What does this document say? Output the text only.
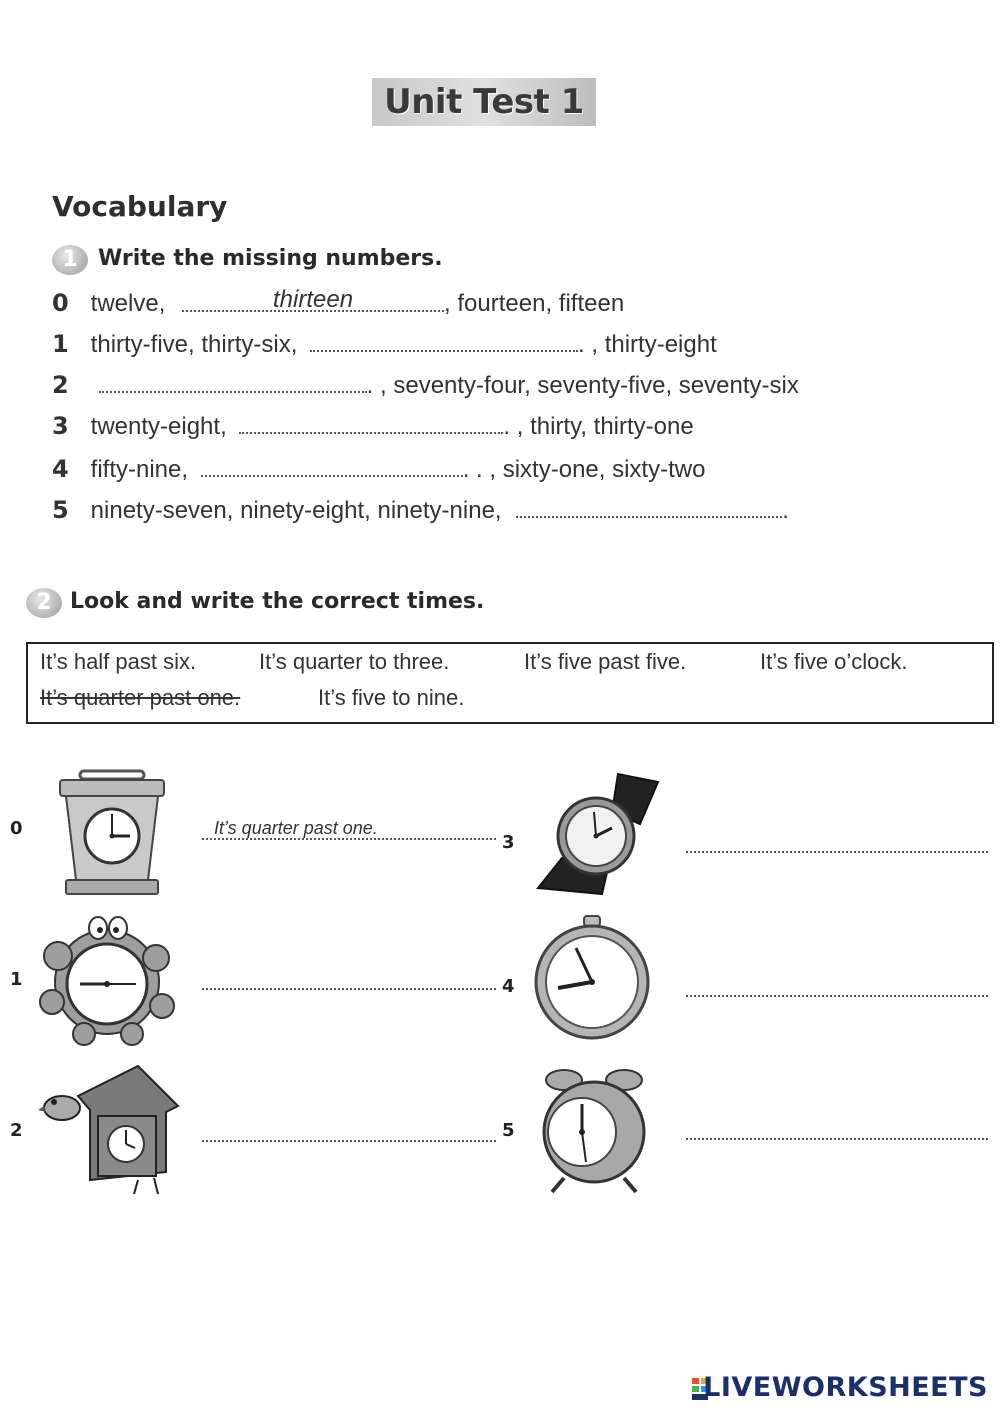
Unit Test 1
Vocabulary
1 Write the missing numbers.
0 twelve,	thirteen	, fourteen, fifteen
1 thirty-five, thirty-six,	. , thirty-eight
2	. , seventy-four, seventy-five, seventy-six
3 twenty-eight,	. , thirty, thirty-one
4 fifty-nine,	. . , sixty-one, sixty-two
5 ninety-seven, ninety-eight, ninety-nine,	.
2 Look and write the correct times.
It’s half past six.	It’s quarter to three.	It’s five past five.	It’s five o’clock.
It’s quarter past one.	It’s five to nine.
0
1
2
3
4
5
It’s quarter past one.
LIVEWORKSHEETS
